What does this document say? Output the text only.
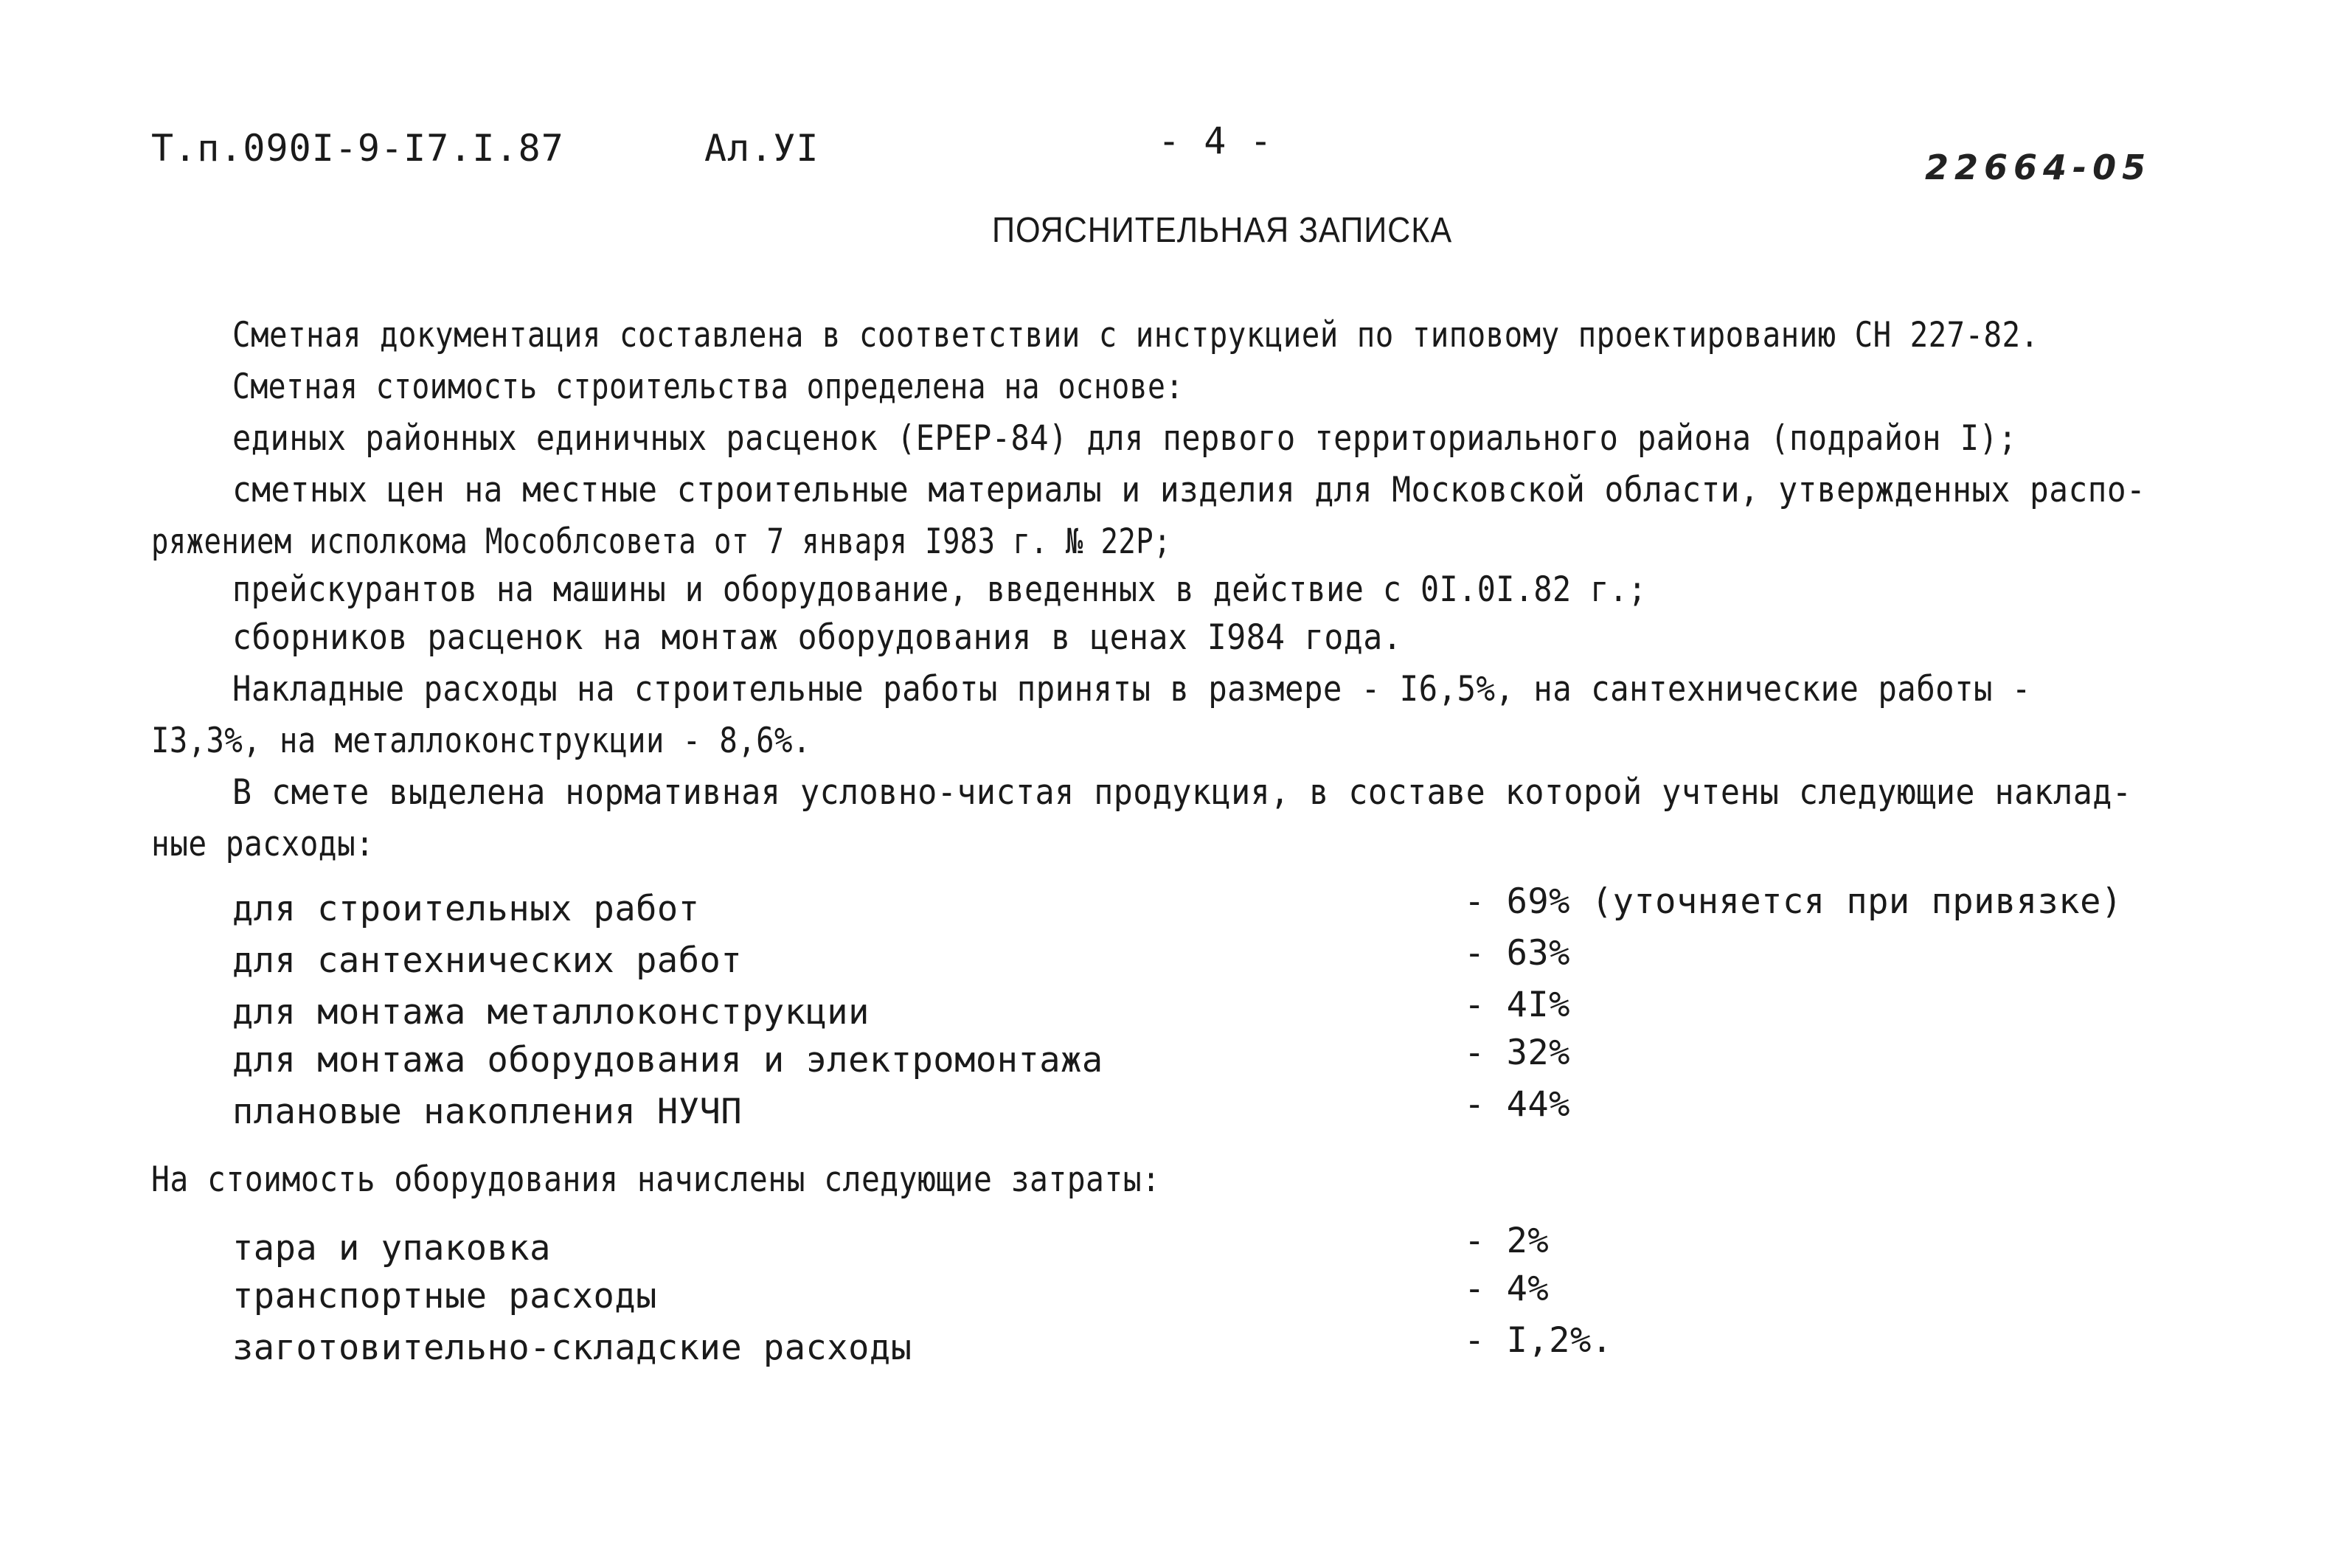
Т.п.090I-9-I7.I.87	Ал.УI	- 4 -
22664-05
ПОЯСНИТЕЛЬНАЯ ЗАПИСКА
Сметная документация составлена в соответствии с инструкцией по типовому проектированию СН 227-82.
Сметная стоимость строительства определена на основе:
единых районных единичных расценок (ЕРЕР-84) для первого территориального района (подрайон I);
сметных цен на местные строительные материалы и изделия для Московской области, утвержденных распо-
ряжением исполкома Мособлсовета от 7 января I983 г. № 22Р;
прейскурантов на машины и оборудование, введенных в действие с 0I.0I.82 г.;
сборников расценок на монтаж оборудования в ценах I984 года.
Накладные расходы на строительные работы приняты в размере - I6,5%, на сантехнические работы -
I3,3%, на металлоконструкции - 8,6%.
В смете выделена нормативная условно-чистая продукция, в составе которой учтены следующие наклад-
ные расходы:
для строительных работ	- 69% (уточняется при привязке)
для сантехнических работ	- 63%
для монтажа металлоконструкции	- 4I%
для монтажа оборудования и электромонтажа	- 32%
плановые накопления НУЧП	- 44%
На стоимость оборудования начислены следующие затраты:
тара и упаковка	- 2%
транспортные расходы	- 4%
заготовительно-складские расходы	- I,2%.
